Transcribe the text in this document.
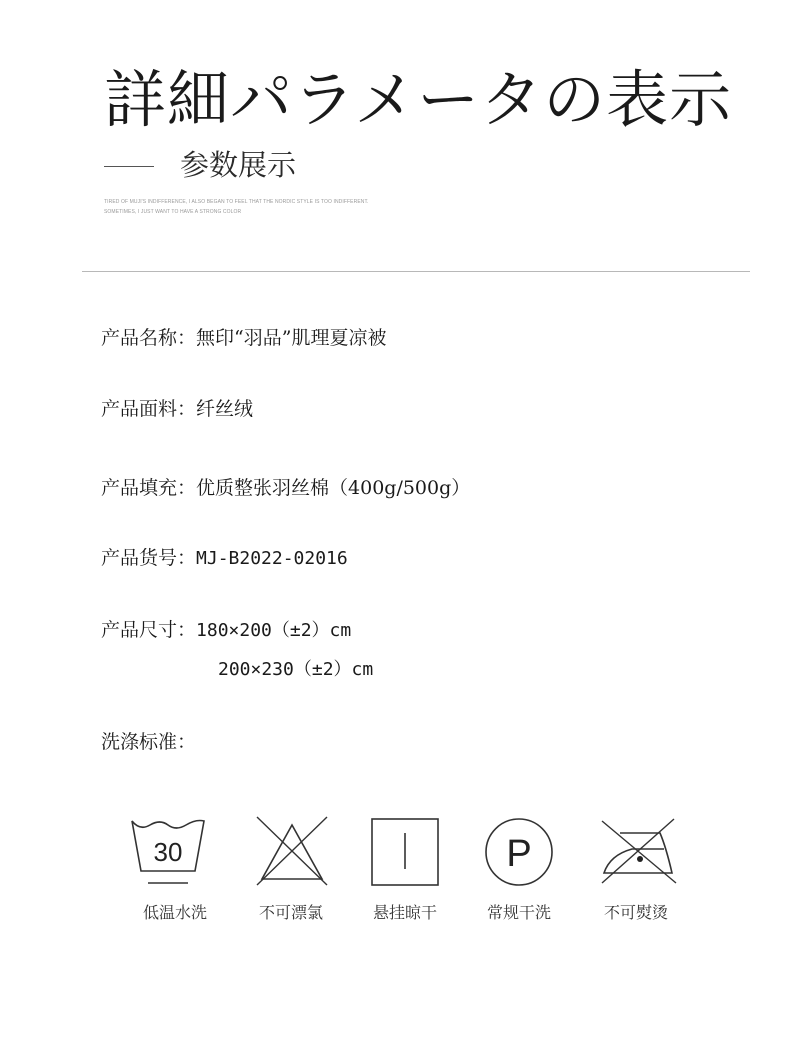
詳細パラメータの表示
参数展示
TIRED OF MUJI'S INDIFFERENCE, I ALSO BEGAN TO FEEL THAT THE NORDIC STYLE IS TOO INDIFFERENT.
SOMETIMES, I JUST WANT TO HAVE A STRONG COLOR
产品名称：無印“羽品”肌理夏凉被
产品面料：纤丝绒
产品填充：优质整张羽丝棉（400g/500g）
产品货号：MJ-B2022-02016
产品尺寸：180×200（±2）cm
200×230（±2）cm
洗涤标准：
30	P
低温水洗	不可漂氯	悬挂晾干	常规干洗	不可熨烫
